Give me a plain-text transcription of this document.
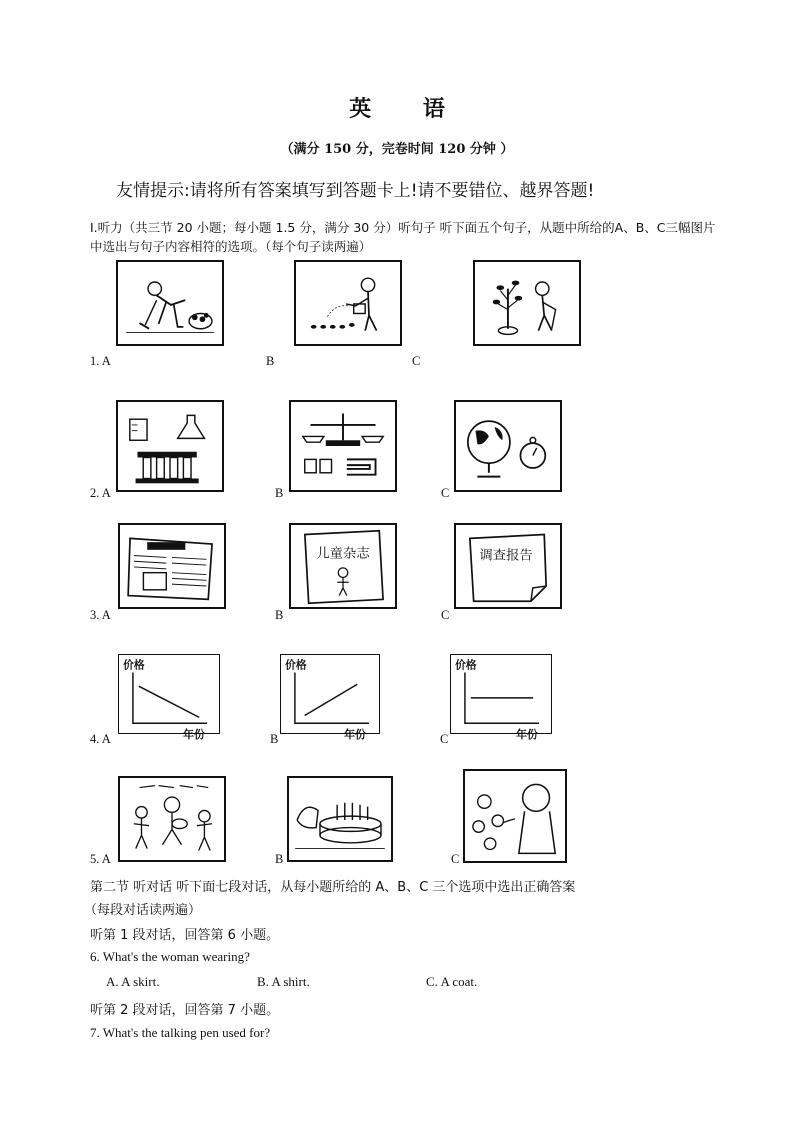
英 语
（满分 150 分，完卷时间 120 分钟 ）
友情提示:请将所有答案填写到答题卡上!请不要错位、越界答题!
Ⅰ.听力（共三节 20 小题；每小题 1.5 分，满分 30 分）听句子 听下面五个句子，从题中所给的A、B、C三幅图片中选出与句子内容相符的选项。（每个句子读两遍）
1. A	B	C
2. A	B	C
儿童杂志	调查报告
3. A	B	C
价格
年份
价格
年份
价格
年份
4. A	B	C
5. A	B	C
第二节 听对话 听下面七段对话，从每小题所给的 A、B、C 三个选项中选出正确答案
（每段对话读两遍）
听第 1 段对话，回答第 6 小题。
6. What's the woman wearing?
A. A skirt.	B. A shirt.	C. A coat.
听第 2 段对话，回答第 7 小题。
7. What's the talking pen used for?
